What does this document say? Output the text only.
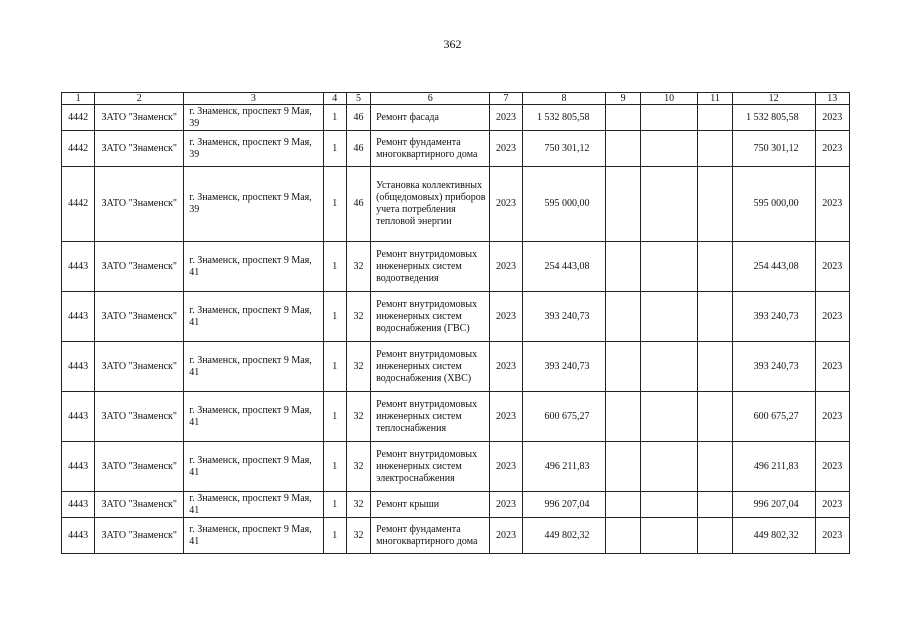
362
1	2	3	4	5	6	7	8	9	10	11	12	13
4442	ЗАТО "Знаменск"	г. Знаменск, проспект 9 Мая, 39	1	46	Ремонт фасада	2023	1 532 805,58				1 532 805,58	2023
4442	ЗАТО "Знаменск"	г. Знаменск, проспект 9 Мая, 39	1	46	Ремонт фундамента многоквартирного дома	2023	750 301,12				750 301,12	2023
4442	ЗАТО "Знаменск"	г. Знаменск, проспект 9 Мая, 39	1	46	Установка коллективных (общедомовых) приборов учета потребления тепловой энергии	2023	595 000,00				595 000,00	2023
4443	ЗАТО "Знаменск"	г. Знаменск, проспект 9 Мая, 41	1	32	Ремонт внутридомовых инженерных систем водоотведения	2023	254 443,08				254 443,08	2023
4443	ЗАТО "Знаменск"	г. Знаменск, проспект 9 Мая, 41	1	32	Ремонт внутридомовых инженерных систем водоснабжения (ГВС)	2023	393 240,73				393 240,73	2023
4443	ЗАТО "Знаменск"	г. Знаменск, проспект 9 Мая, 41	1	32	Ремонт внутридомовых инженерных систем водоснабжения (ХВС)	2023	393 240,73				393 240,73	2023
4443	ЗАТО "Знаменск"	г. Знаменск, проспект 9 Мая, 41	1	32	Ремонт внутридомовых инженерных систем теплоснабжения	2023	600 675,27				600 675,27	2023
4443	ЗАТО "Знаменск"	г. Знаменск, проспект 9 Мая, 41	1	32	Ремонт внутридомовых инженерных систем электроснабжения	2023	496 211,83				496 211,83	2023
4443	ЗАТО "Знаменск"	г. Знаменск, проспект 9 Мая, 41	1	32	Ремонт крыши	2023	996 207,04				996 207,04	2023
4443	ЗАТО "Знаменск"	г. Знаменск, проспект 9 Мая, 41	1	32	Ремонт фундамента многоквартирного дома	2023	449 802,32				449 802,32	2023
